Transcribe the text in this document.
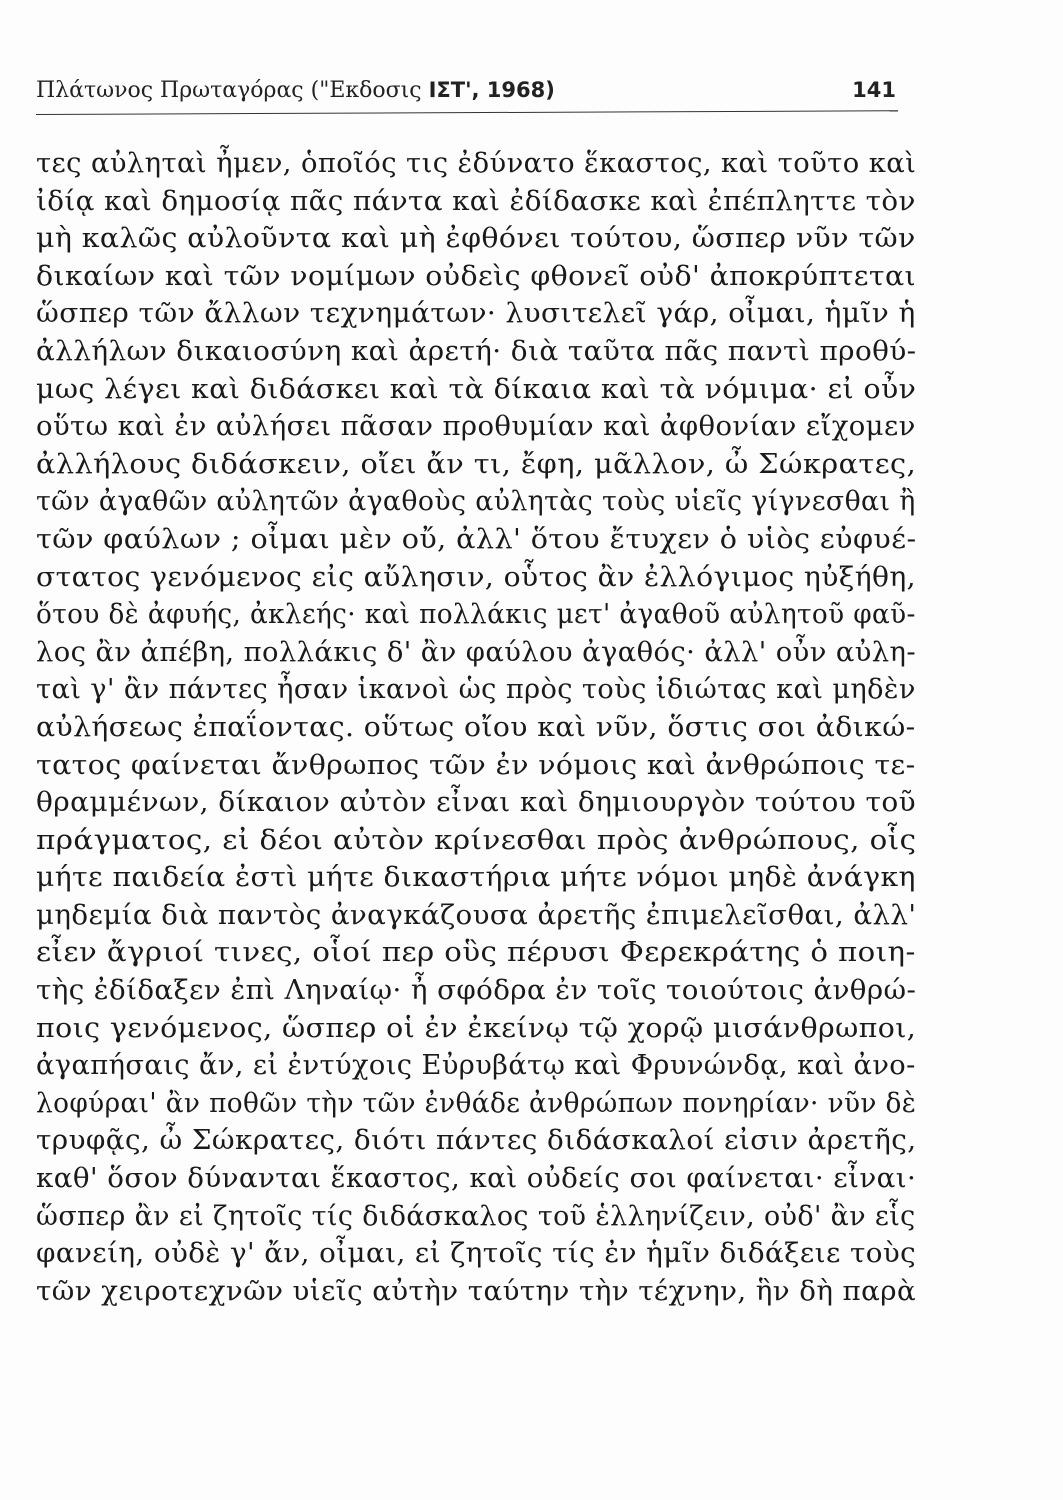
Πλάτωνος Πρωταγόρας ("Εκδοσις ΙΣΤ', 1968)	141
τες αὐληταὶ ἦμεν, ὁποῖός τις ἐδύνατο ἕκαστος, καὶ τοῦτο καὶ
ἰδίᾳ καὶ δημοσίᾳ πᾶς πάντα καὶ ἐδίδασκε καὶ ἐπέπληττε τὸν
μὴ καλῶς αὐλοῦντα καὶ μὴ ἐφθόνει τούτου, ὥσπερ νῦν τῶν
δικαίων καὶ τῶν νομίμων οὐδεὶς φθονεῖ οὐδ' ἀποκρύπτεται
ὥσπερ τῶν ἄλλων τεχνημάτων· λυσιτελεῖ γάρ, οἶμαι, ἡμῖν ἡ
ἀλλήλων δικαιοσύνη καὶ ἀρετή· διὰ ταῦτα πᾶς παντὶ προθύ-
μως λέγει καὶ διδάσκει καὶ τὰ δίκαια καὶ τὰ νόμιμα· εἰ οὖν
οὕτω καὶ ἐν αὐλήσει πᾶσαν προθυμίαν καὶ ἀφθονίαν εἴχομεν
ἀλλήλους διδάσκειν, οἴει ἄν τι, ἔφη, μᾶλλον, ὦ Σώκρατες,
τῶν ἀγαθῶν αὐλητῶν ἀγαθοὺς αὐλητὰς τοὺς υἱεῖς γίγνεσθαι ἢ
τῶν φαύλων ; οἶμαι μὲν οὔ, ἀλλ' ὅτου ἔτυχεν ὁ υἱὸς εὐφυέ-
στατος γενόμενος εἰς αὔλησιν, οὗτος ἂν ἐλλόγιμος ηὐξήθη,
ὅτου δὲ ἀφυής, ἀκλεής· καὶ πολλάκις μετ' ἀγαθοῦ αὐλητοῦ φαῦ-
λος ἂν ἀπέβη, πολλάκις δ' ἂν φαύλου ἀγαθός· ἀλλ' οὖν αὐλη-
ταὶ γ' ἂν πάντες ἦσαν ἱκανοὶ ὡς πρὸς τοὺς ἰδιώτας καὶ μηδὲν
αὐλήσεως ἐπαΐοντας. οὕτως οἴου καὶ νῦν, ὅστις σοι ἀδικώ-
τατος φαίνεται ἄνθρωπος τῶν ἐν νόμοις καὶ ἀνθρώποις τε-
θραμμένων, δίκαιον αὐτὸν εἶναι καὶ δημιουργὸν τούτου τοῦ
πράγματος, εἰ δέοι αὐτὸν κρίνεσθαι πρὸς ἀνθρώπους, οἷς
μήτε παιδεία ἐστὶ μήτε δικαστήρια μήτε νόμοι μηδὲ ἀνάγκη
μηδεμία διὰ παντὸς ἀναγκάζουσα ἀρετῆς ἐπιμελεῖσθαι, ἀλλ'
εἶεν ἄγριοί τινες, οἷοί περ οὓς πέρυσι Φερεκράτης ὁ ποιη-
τὴς ἐδίδαξεν ἐπὶ Ληναίῳ· ἦ σφόδρα ἐν τοῖς τοιούτοις ἀνθρώ-
ποις γενόμενος, ὥσπερ οἱ ἐν ἐκείνῳ τῷ χορῷ μισάνθρωποι,
ἀγαπήσαις ἄν, εἰ ἐντύχοις Εὐρυβάτῳ καὶ Φρυνώνδᾳ, καὶ ἀνο-
λοφύραι' ἂν ποθῶν τὴν τῶν ἐνθάδε ἀνθρώπων πονηρίαν· νῦν δὲ
τρυφᾷς, ὦ Σώκρατες, διότι πάντες διδάσκαλοί εἰσιν ἀρετῆς,
καθ' ὅσον δύνανται ἕκαστος, καὶ οὐδείς σοι φαίνεται· εἶναι·
ὥσπερ ἂν εἰ ζητοῖς τίς διδάσκαλος τοῦ ἑλληνίζειν, οὐδ' ἂν εἷς
φανείη, οὐδὲ γ' ἄν, οἶμαι, εἰ ζητοῖς τίς ἐν ἡμῖν διδάξειε τοὺς
τῶν χειροτεχνῶν υἱεῖς αὐτὴν ταύτην τὴν τέχνην, ἣν δὴ παρὰ
